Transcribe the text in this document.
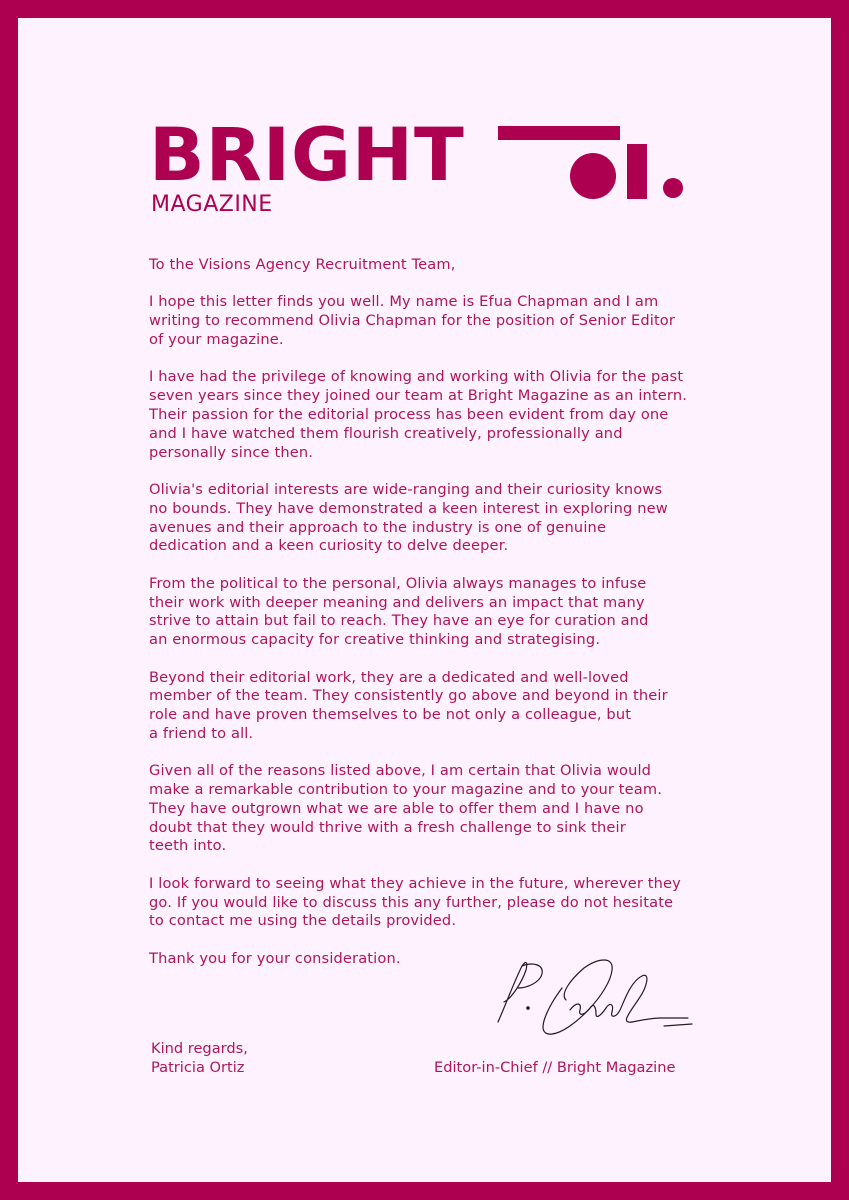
BRIGHT
MAGAZINE

To the Visions Agency Recruitment Team,

I hope this letter finds you well. My name is Efua Chapman and I am
writing to recommend Olivia Chapman for the position of Senior Editor
of your magazine.

I have had the privilege of knowing and working with Olivia for the past
seven years since they joined our team at Bright Magazine as an intern.
Their passion for the editorial process has been evident from day one
and I have watched them flourish creatively, professionally and
personally since then.

Olivia's editorial interests are wide-ranging and their curiosity knows
no bounds. They have demonstrated a keen interest in exploring new
avenues and their approach to the industry is one of genuine
dedication and a keen curiosity to delve deeper.

From the political to the personal, Olivia always manages to infuse
their work with deeper meaning and delivers an impact that many
strive to attain but fail to reach. They have an eye for curation and
an enormous capacity for creative thinking and strategising.

Beyond their editorial work, they are a dedicated and well-loved
member of the team. They consistently go above and beyond in their
role and have proven themselves to be not only a colleague, but
a friend to all.

Given all of the reasons listed above, I am certain that Olivia would
make a remarkable contribution to your magazine and to your team.
They have outgrown what we are able to offer them and I have no
doubt that they would thrive with a fresh challenge to sink their
teeth into.

I look forward to seeing what they achieve in the future, wherever they
go. If you would like to discuss this any further, please do not hesitate
to contact me using the details provided.

Thank you for your consideration.

Kind regards,
Patricia Ortiz	Editor-in-Chief // Bright Magazine
